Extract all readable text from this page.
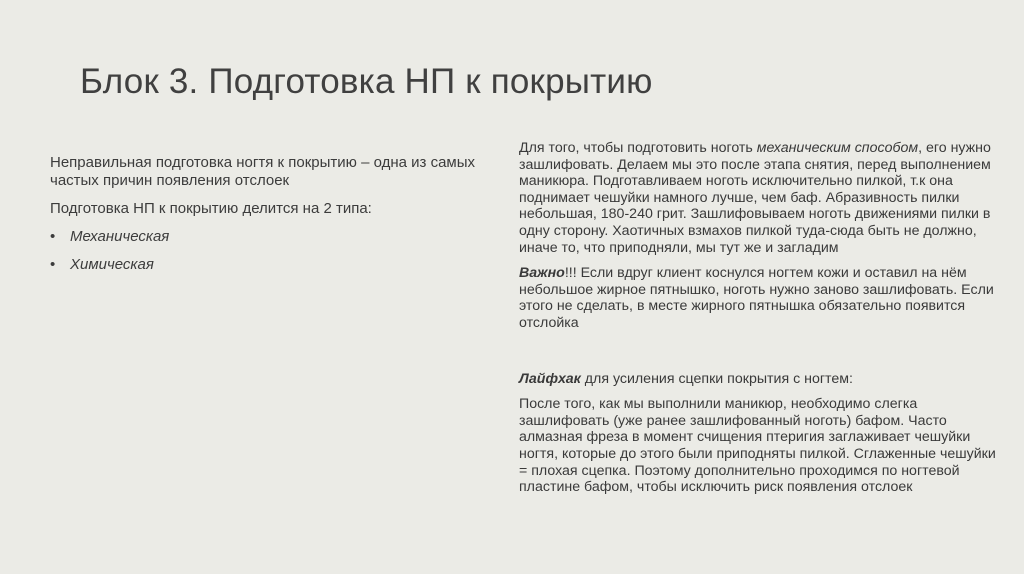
Блок 3. Подготовка НП к покрытию

Неправильная подготовка ногтя к покрытию – одна из самых частых причин появления отслоек

Подготовка НП к покрытию делится на 2 типа:

• Механическая
• Химическая

Для того, чтобы подготовить ноготь механическим способом, его нужно зашлифовать. Делаем мы это после этапа снятия, перед выполнением маникюра. Подготавливаем ноготь исключительно пилкой, т.к она поднимает чешуйки намного лучше, чем баф. Абразивность пилки небольшая, 180-240 грит. Зашлифовываем ноготь движениями пилки в одну сторону. Хаотичных взмахов пилкой туда-сюда быть не должно, иначе то, что приподняли, мы тут же и загладим

Важно!!! Если вдруг клиент коснулся ногтем кожи и оставил на нём небольшое жирное пятнышко, ноготь нужно заново зашлифовать. Если этого не сделать, в месте жирного пятнышка обязательно появится отслойка

Лайфхак для усиления сцепки покрытия с ногтем:

После того, как мы выполнили маникюр, необходимо слегка зашлифовать (уже ранее зашлифованный ноготь) бафом. Часто алмазная фреза в момент счищения птеригия заглаживает чешуйки ногтя, которые до этого были приподняты пилкой. Сглаженные чешуйки = плохая сцепка. Поэтому дополнительно проходимся по ногтевой пластине бафом, чтобы исключить риск появления отслоек
